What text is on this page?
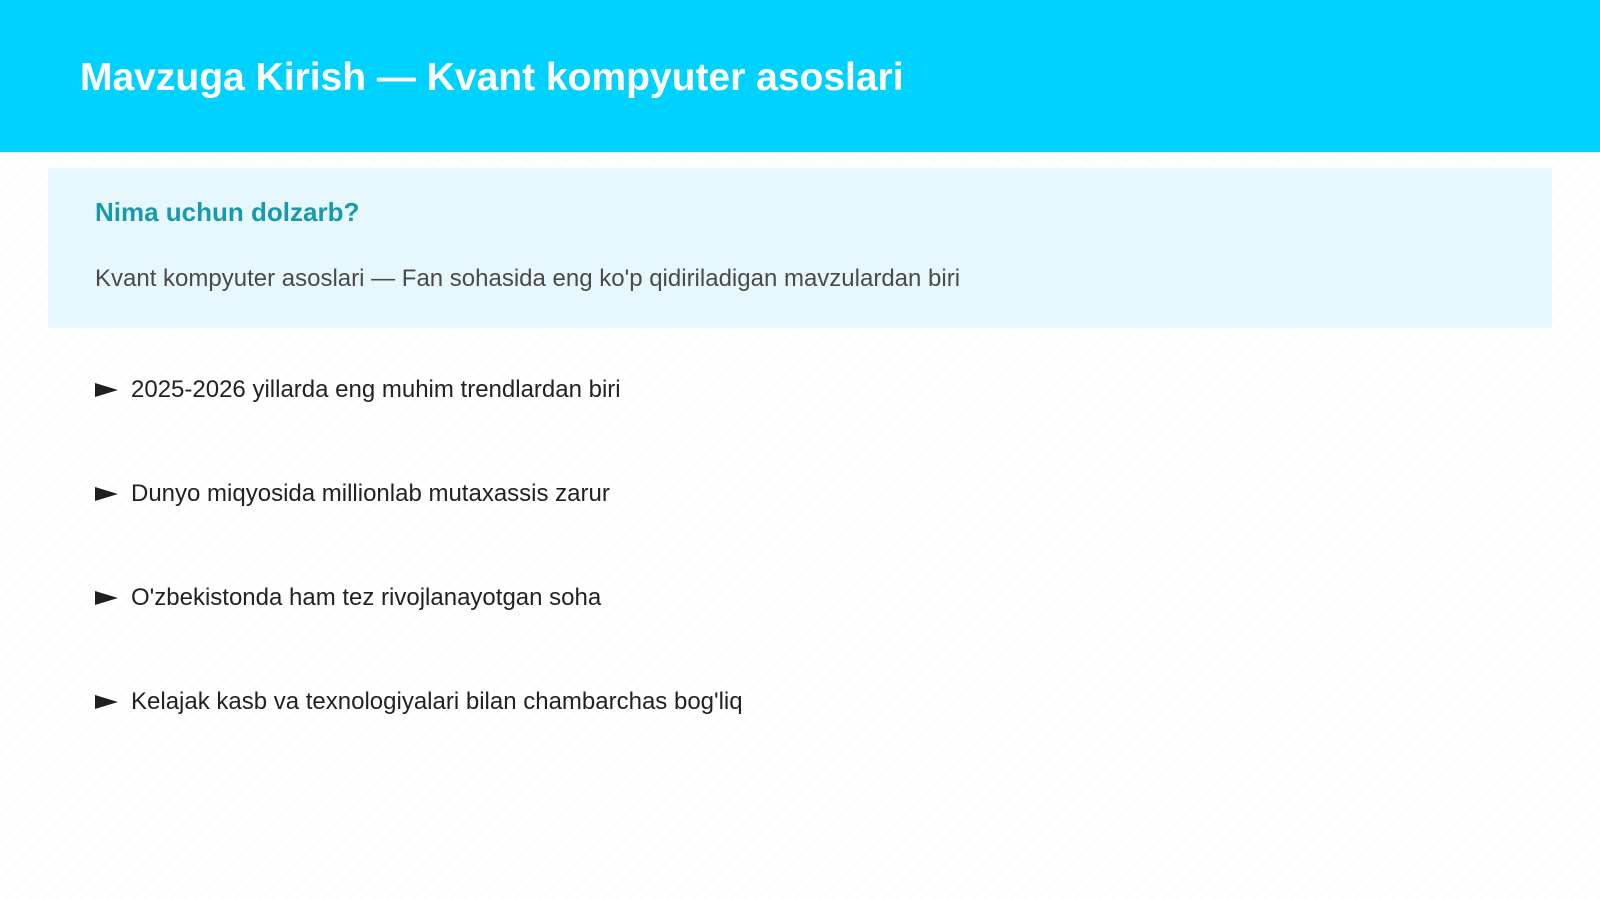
Mavzuga Kirish — Kvant kompyuter asoslari
Nima uchun dolzarb?

Kvant kompyuter asoslari — Fan sohasida eng ko'p qidiriladigan mavzulardan biri

2025-2026 yillarda eng muhim trendlardan biri
Dunyo miqyosida millionlab mutaxassis zarur
O'zbekistonda ham tez rivojlanayotgan soha
Kelajak kasb va texnologiyalari bilan chambarchas bog'liq
